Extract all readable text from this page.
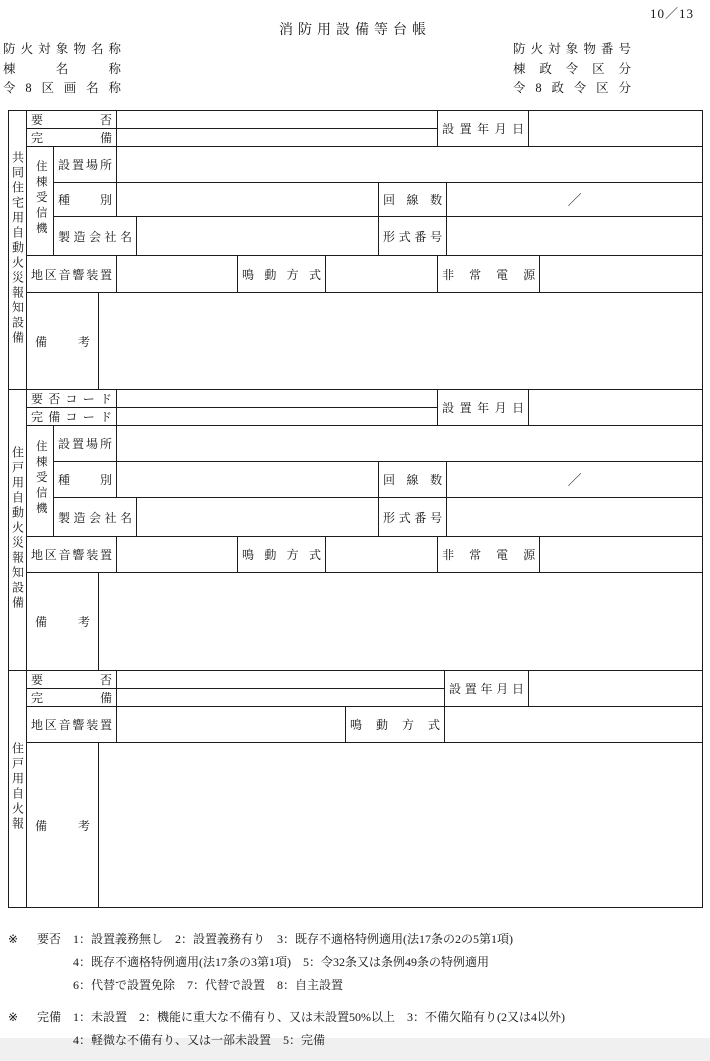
10／13
消防用設備等台帳
防火対象物名称
棟名称
令8区画名称
防火対象物番号
棟政令区分
令8政令区分
共同住宅用自動火災報知設備	要否								設置年月日			
	完備											
	住棟受信機	設置場所										
		種別						回線数		／		
		製造会社名						形式番号				
	地区音響装置					鳴動方式			非常電源			
	備考											
住戸用自動火災報知設備	要否コード								設置年月日			
	完備コード											
	住棟受信機	設置場所										
		種別						回線数		／		
		製造会社名						形式番号				
	地区音響装置					鳴動方式			非常電源			
	備考											
住戸用自火報	要否				設置年月日	
	完備					
	地区音響装置			鳴動方式		
	備考					
※	要否 1：設置義務無し　2：設置義務有り　3：既存不適格特例適用(法17条の2の5第1項)
4：既存不適格特例適用(法17条の3第1項)　5：令32条又は条例49条の特例適用
6：代替で設置免除　7：代替で設置　8：自主設置
※	完備 1：未設置　2：機能に重大な不備有り、又は未設置50%以上　3：不備欠陥有り(2又は4以外)
4：軽微な不備有り、又は一部未設置　5：完備
